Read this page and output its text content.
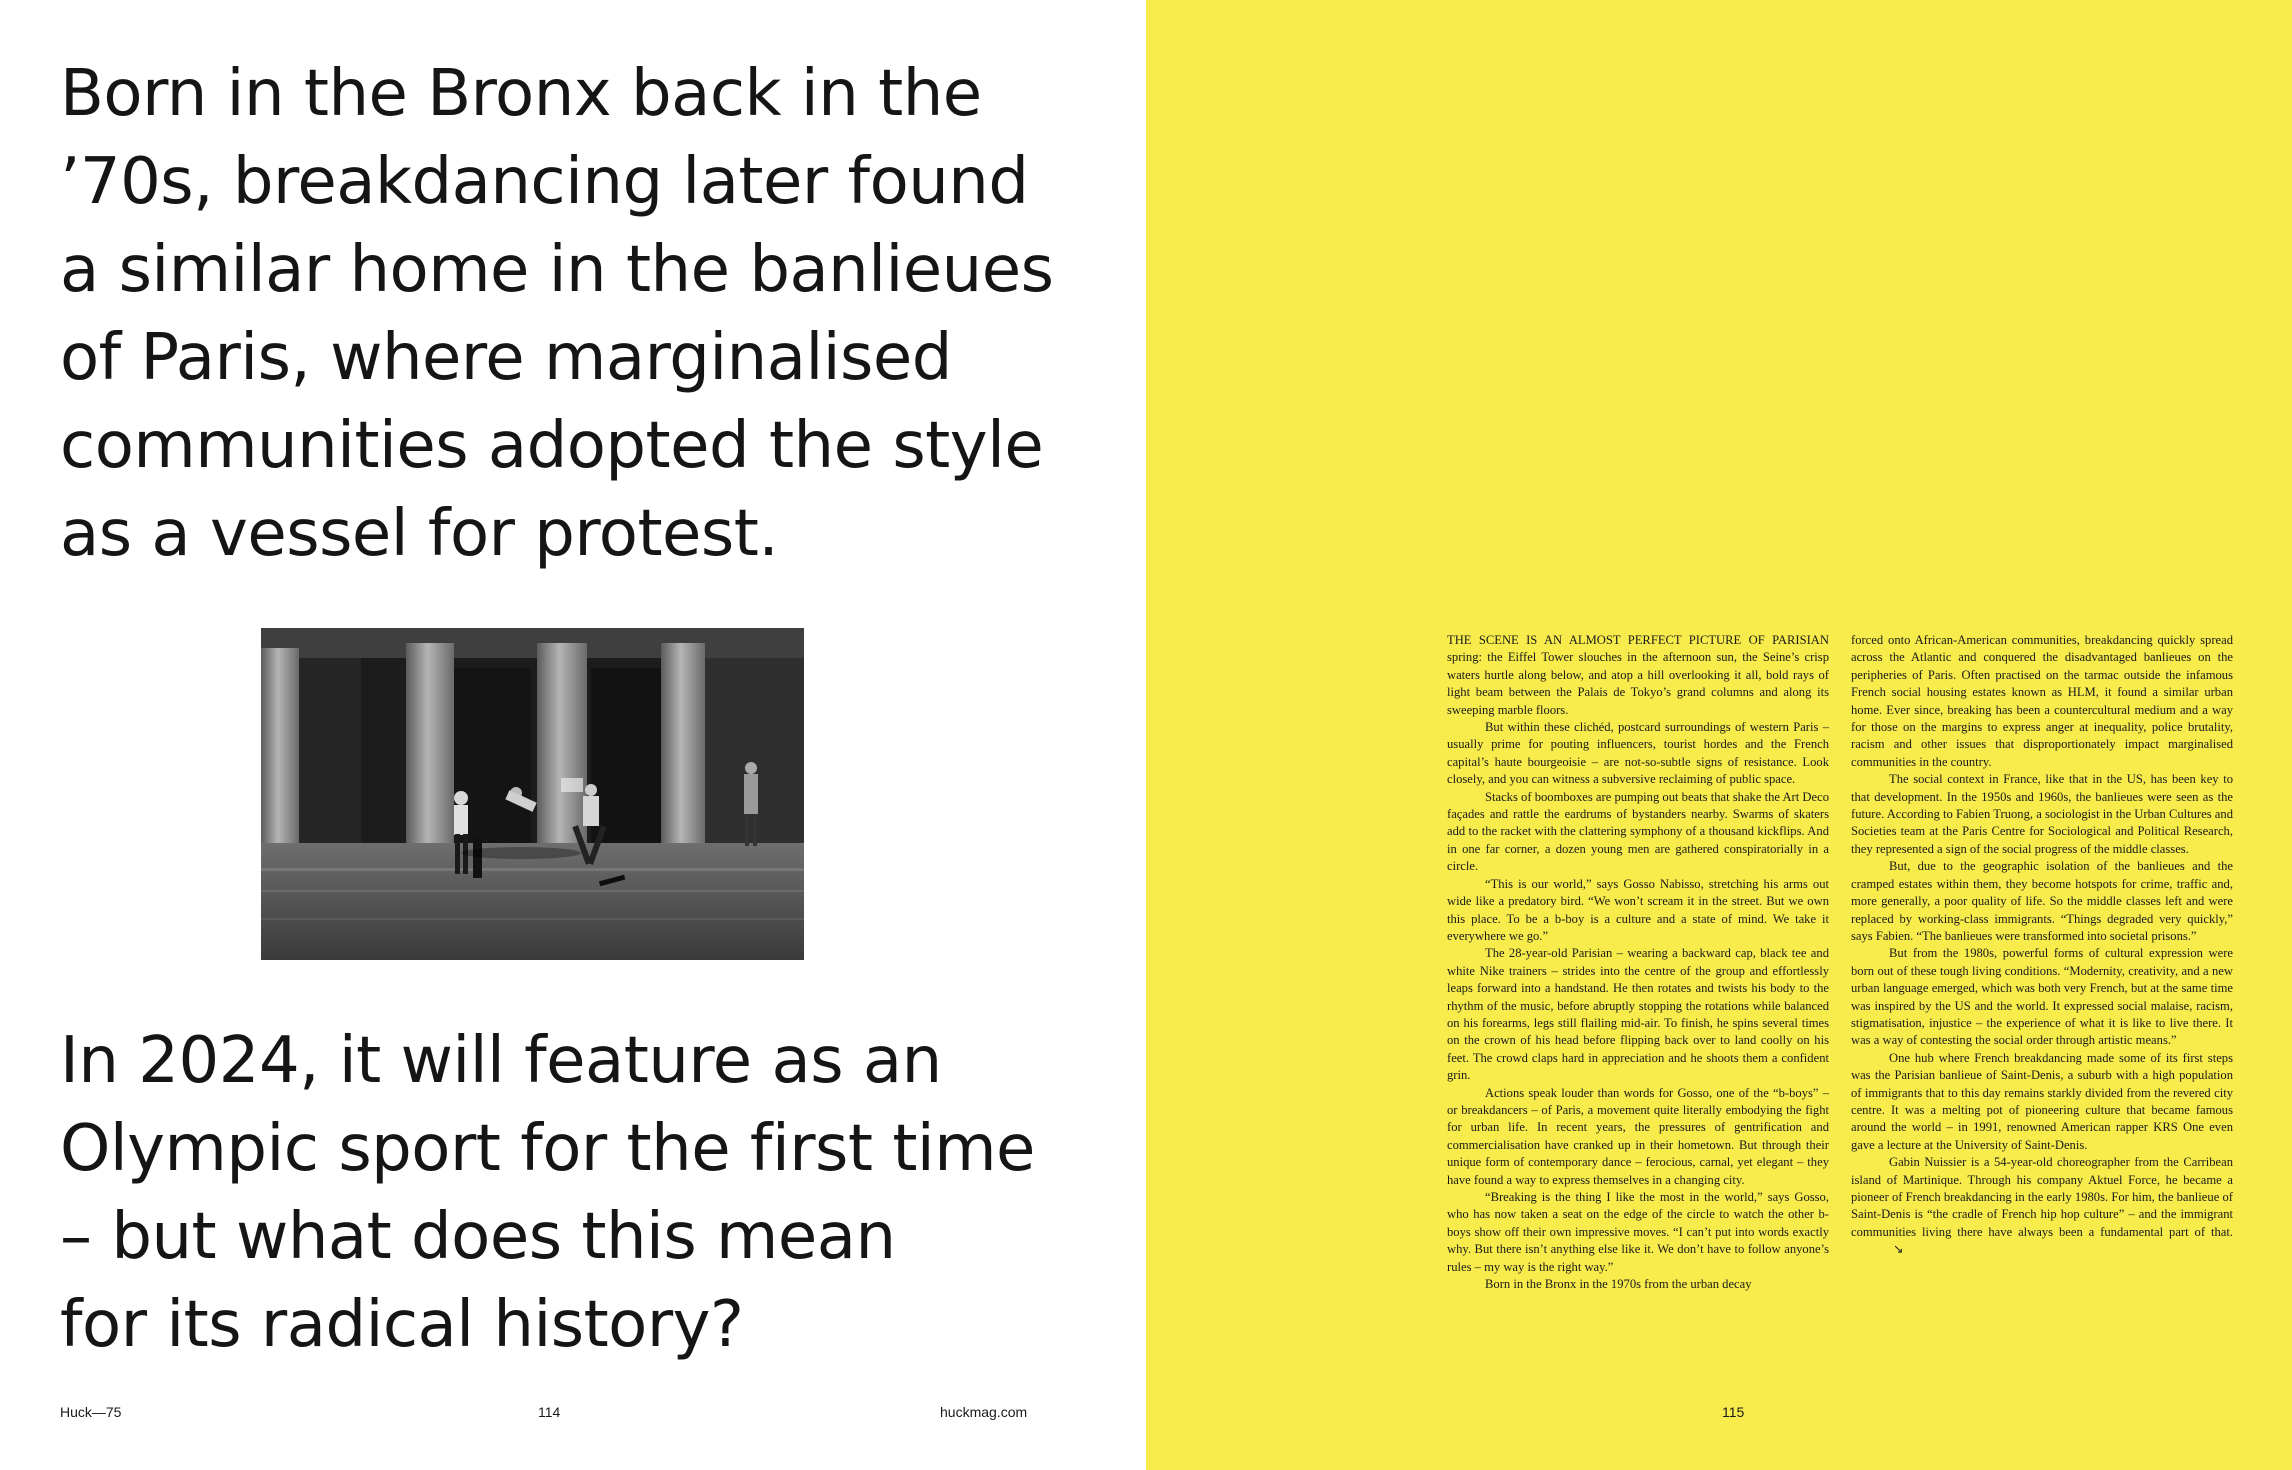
Born in the Bronx back in the
’70s, breakdancing later found
a similar home in the banlieues
of Paris, where marginalised
communities adopted the style
as a vessel for protest.
In 2024, it will feature as an
Olympic sport for the first time
– but what does this mean
for its radical history?
Huck—75	114	huckmag.com

THE SCENE IS AN ALMOST PERFECT PICTURE OF PARISIAN spring: the Eiffel Tower slouches in the afternoon sun, the Seine’s crisp waters hurtle along below, and atop a hill overlooking it all, bold rays of light beam between the Palais de Tokyo’s grand columns and along its sweeping marble floors.

But within these clichéd, postcard surroundings of western Paris – usually prime for pouting influencers, tourist hordes and the French capital’s haute bourgeoisie – are not-so-subtle signs of resistance. Look closely, and you can witness a subversive reclaiming of public space.

Stacks of boomboxes are pumping out beats that shake the Art Deco façades and rattle the eardrums of bystanders nearby. Swarms of skaters add to the racket with the clattering symphony of a thousand kickflips. And in one far corner, a dozen young men are gathered conspiratorially in a circle.

“This is our world,” says Gosso Nabisso, stretching his arms out wide like a predatory bird. “We won’t scream it in the street. But we own this place. To be a b-boy is a culture and a state of mind. We take it everywhere we go.”

The 28-year-old Parisian – wearing a backward cap, black tee and white Nike trainers – strides into the centre of the group and effortlessly leaps forward into a handstand. He then rotates and twists his body to the rhythm of the music, before abruptly stopping the rotations while balanced on his forearms, legs still flailing mid-air. To finish, he spins several times on the crown of his head before flipping back over to land coolly on his feet. The crowd claps hard in appreciation and he shoots them a confident grin.

Actions speak louder than words for Gosso, one of the “b-boys” – or breakdancers – of Paris, a movement quite literally embodying the fight for urban life. In recent years, the pressures of gentrification and commercialisation have cranked up in their hometown. But through their unique form of contemporary dance – ferocious, carnal, yet elegant – they have found a way to express themselves in a changing city.

“Breaking is the thing I like the most in the world,” says Gosso, who has now taken a seat on the edge of the circle to watch the other b-boys show off their own impressive moves. “I can’t put into words exactly why. But there isn’t anything else like it. We don’t have to follow anyone’s rules – my way is the right way.”

Born in the Bronx in the 1970s from the urban decay

forced onto African-American communities, breakdancing quickly spread across the Atlantic and conquered the disadvantaged banlieues on the peripheries of Paris. Often practised on the tarmac outside the infamous French social housing estates known as HLM, it found a similar urban home. Ever since, breaking has been a countercultural medium and a way for those on the margins to express anger at inequality, police brutality, racism and other issues that disproportionately impact marginalised communities in the country.

The social context in France, like that in the US, has been key to that development. In the 1950s and 1960s, the banlieues were seen as the future. According to Fabien Truong, a sociologist in the Urban Cultures and Societies team at the Paris Centre for Sociological and Political Research, they represented a sign of the social progress of the middle classes.

But, due to the geographic isolation of the banlieues and the cramped estates within them, they become hotspots for crime, traffic and, more generally, a poor quality of life. So the middle classes left and were replaced by working-class immigrants. “Things degraded very quickly,” says Fabien. “The banlieues were transformed into societal prisons.”

But from the 1980s, powerful forms of cultural expression were born out of these tough living conditions. “Modernity, creativity, and a new urban language emerged, which was both very French, but at the same time was inspired by the US and the world. It expressed social malaise, racism, stigmatisation, injustice – the experience of what it is like to live there. It was a way of contesting the social order through artistic means.”

One hub where French breakdancing made some of its first steps was the Parisian banlieue of Saint-Denis, a suburb with a high population of immigrants that to this day remains starkly divided from the revered city centre. It was a melting pot of pioneering culture that became famous around the world – in 1991, renowned American rapper KRS One even gave a lecture at the University of Saint-Denis.

Gabin Nuissier is a 54-year-old choreographer from the Carribean island of Martinique. Through his company Aktuel Force, he became a pioneer of French breakdancing in the early 1980s. For him, the banlieue of Saint-Denis is “the cradle of French hip hop culture” – and the immigrant communities living there have always been a fundamental part of that.↘

115
